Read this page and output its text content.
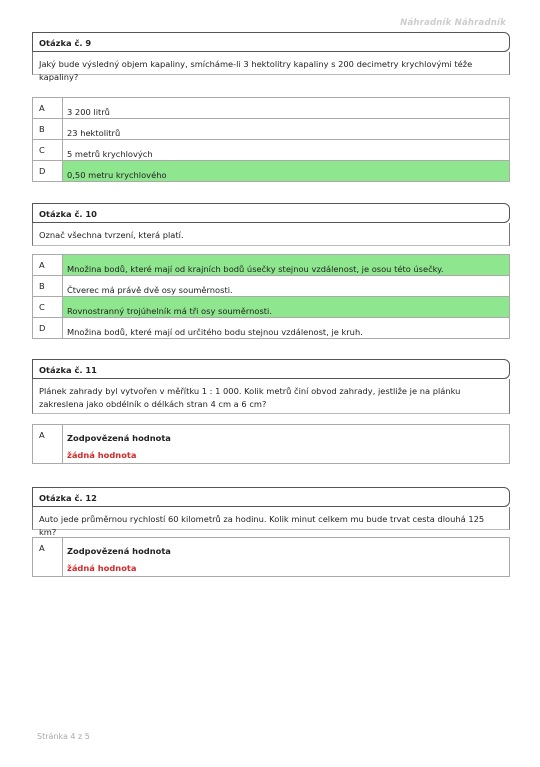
Náhradník Náhradník
Otázka č. 9
Jaký bude výsledný objem kapaliny, smícháme-li 3 hektolitry kapaliny s 200 decimetry krychlovými téže kapaliny?
A	3 200 litrů
B	23 hektolitrů
C	5 metrů krychlových
D	0,50 metru krychlového
Otázka č. 10
Označ všechna tvrzení, která platí.
A	Množina bodů, které mají od krajních bodů úsečky stejnou vzdálenost, je osou této úsečky.
B	Čtverec má právě dvě osy souměrnosti.
C	Rovnostranný trojúhelník má tři osy souměrnosti.
D	Množina bodů, které mají od určitého bodu stejnou vzdálenost, je kruh.
Otázka č. 11
Plánek zahrady byl vytvořen v měřítku 1 : 1 000. Kolik metrů činí obvod zahrady, jestliže je na plánku zakreslena jako obdélník o délkách stran 4 cm a 6 cm?
A	Zodpovězená hodnota
žádná hodnota
Otázka č. 12
Auto jede průměrnou rychlostí 60 kilometrů za hodinu. Kolik minut celkem mu bude trvat cesta dlouhá 125 km?
A	Zodpovězená hodnota
žádná hodnota
Stránka 4 z 5
